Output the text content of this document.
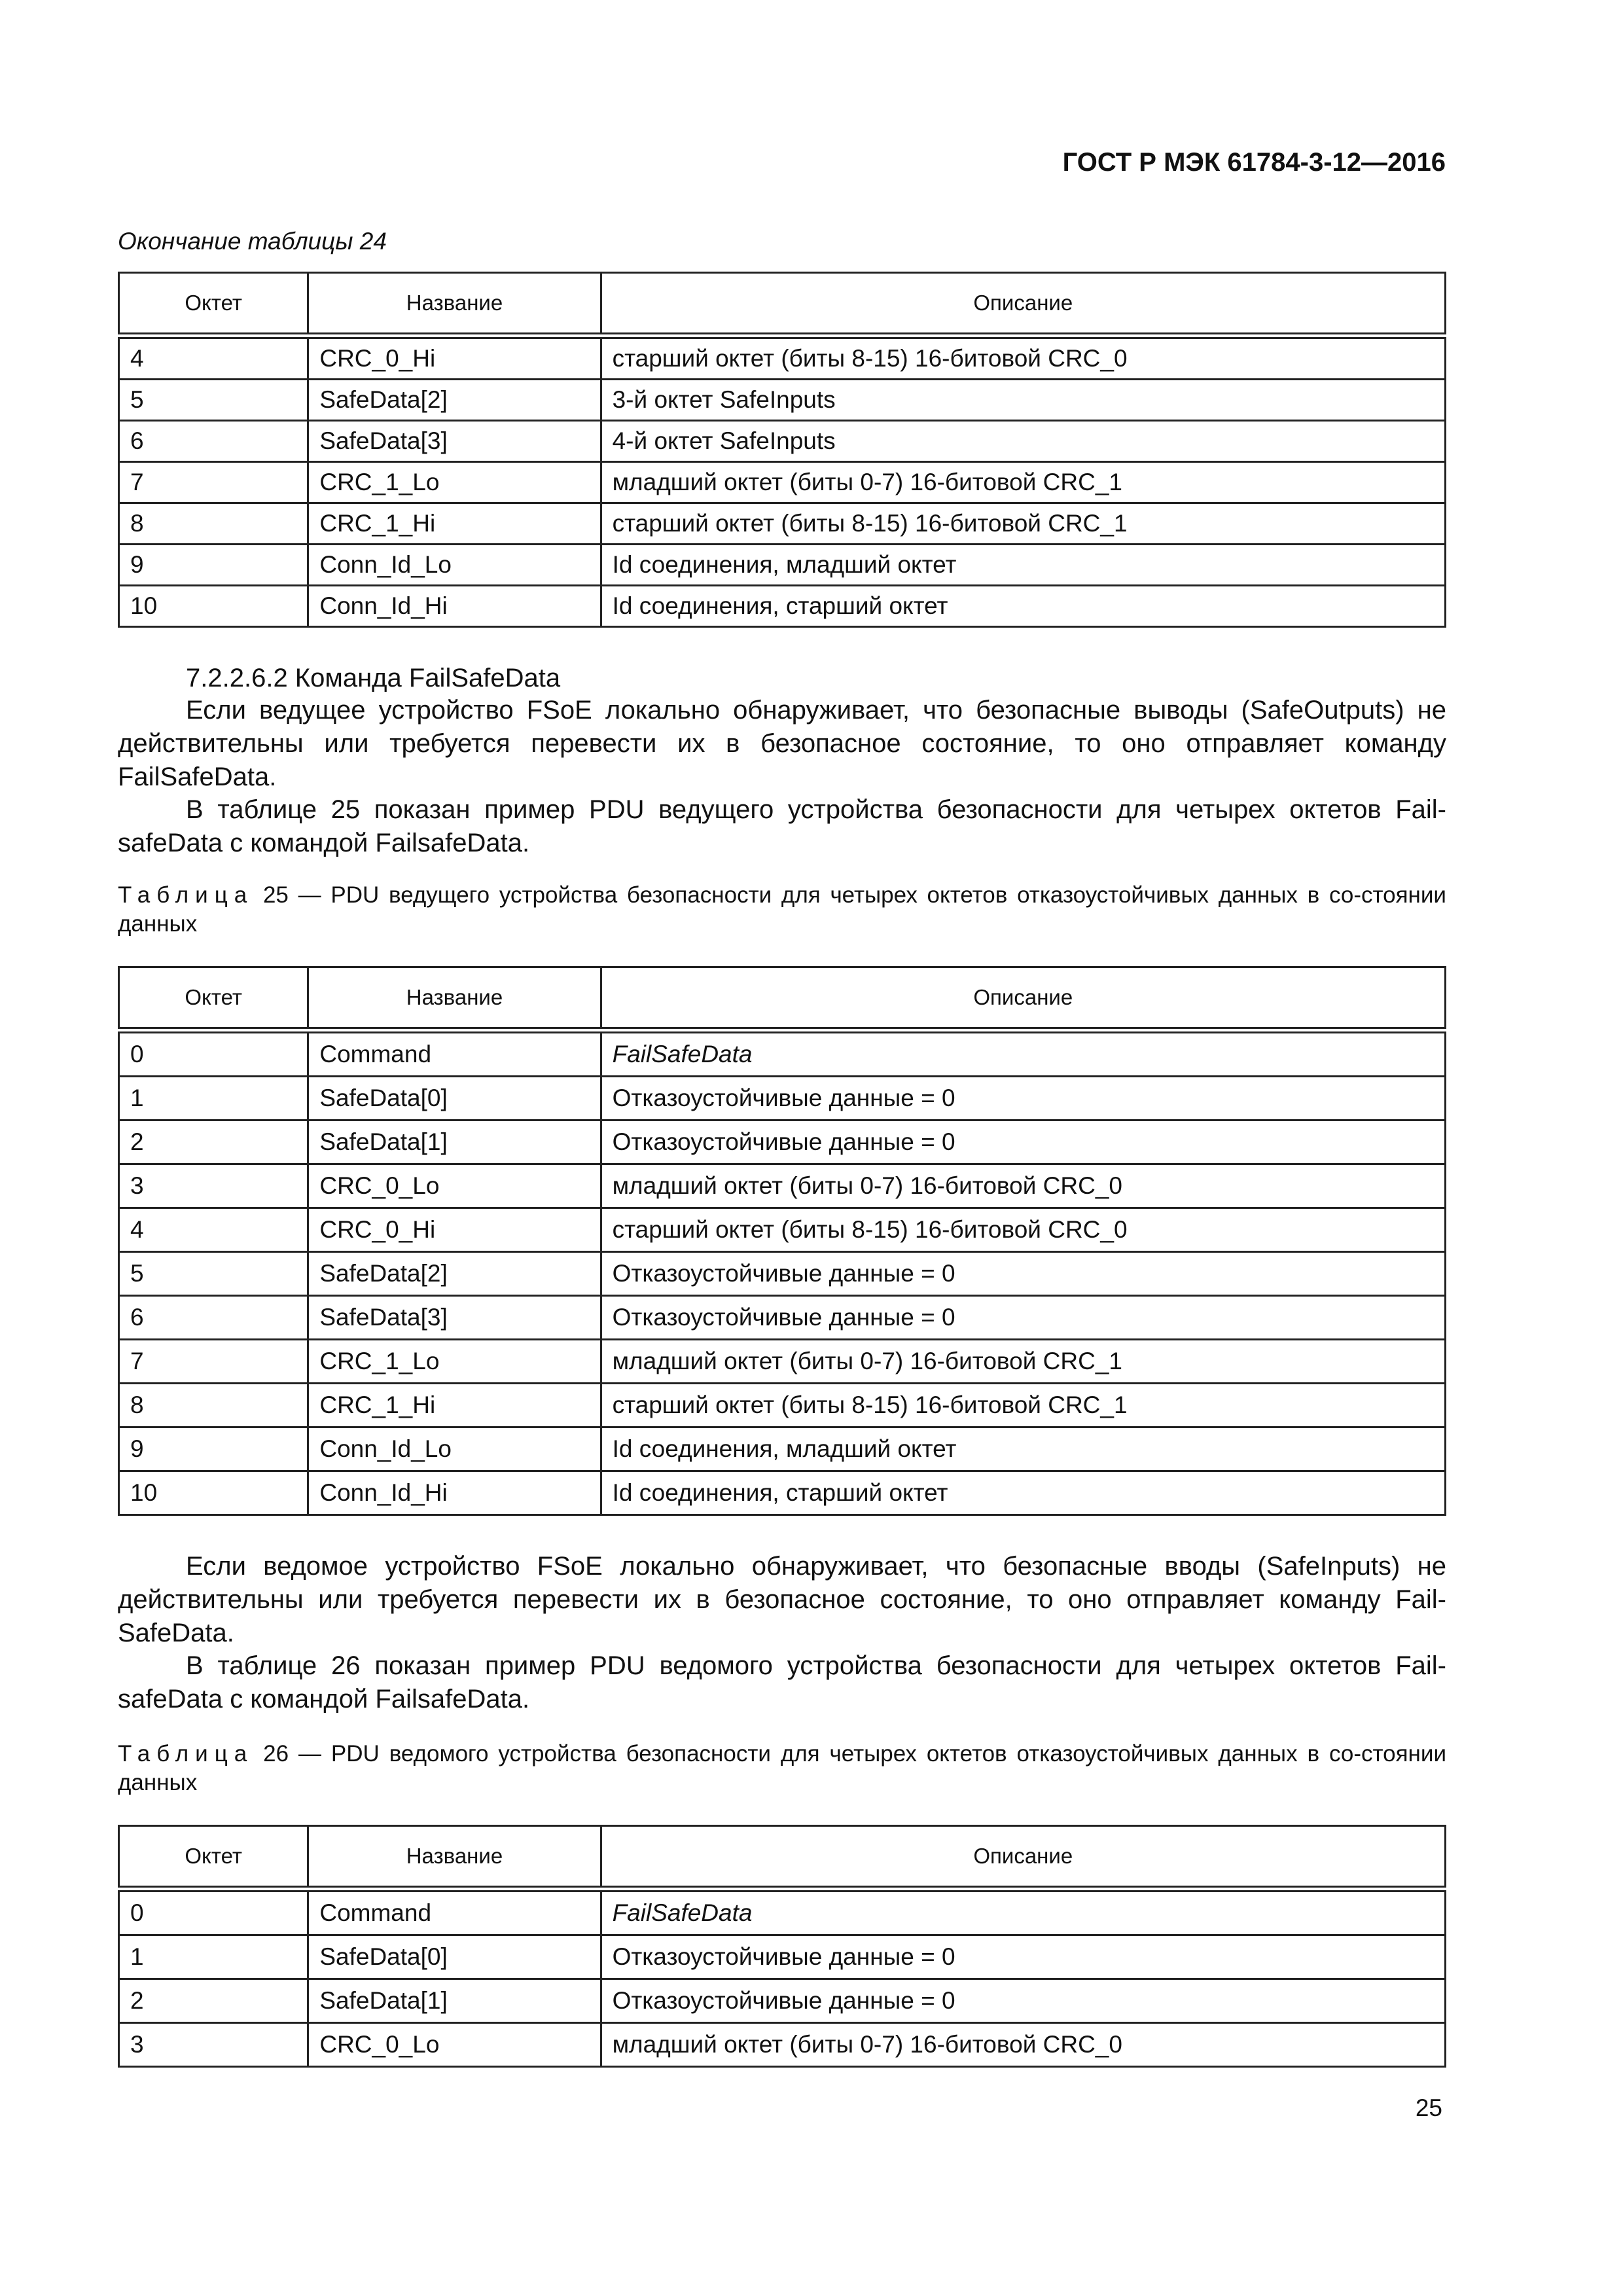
ГОСТ Р МЭК 61784-3-12—2016
Окончание таблицы 24
Октет	Название	Описание
4	CRC_0_Hi	старший октет (биты 8-15) 16-битовой CRC_0
5	SafeData[2]	3-й октет SafeInputs
6	SafeData[3]	4-й октет SafeInputs
7	CRC_1_Lo	младший октет (биты 0-7) 16-битовой CRC_1
8	CRC_1_Hi	старший октет (биты 8-15) 16-битовой CRC_1
9	Conn_Id_Lo	Id соединения, младший октет
10	Conn_Id_Hi	Id соединения, старший октет
7.2.2.6.2 Команда FailSafeData

Если ведущее устройство FSoE локально обнаруживает, что безопасные выводы (SafeOutputs) не действительны или требуется перевести их в безопасное состояние, то оно отправляет команду FailSafeData.

В таблице 25 показан пример PDU ведущего устройства безопасности для четырех октетов Fail-safeData с командой FailsafeData.

Таблица 25 — PDU ведущего устройства безопасности для четырех октетов отказоустойчивых данных в со-стоянии данных

Октет	Название	Описание
0	Command	FailSafeData
1	SafeData[0]	Отказоустойчивые данные = 0
2	SafeData[1]	Отказоустойчивые данные = 0
3	CRC_0_Lo	младший октет (биты 0-7) 16-битовой CRC_0
4	CRC_0_Hi	старший октет (биты 8-15) 16-битовой CRC_0
5	SafeData[2]	Отказоустойчивые данные = 0
6	SafeData[3]	Отказоустойчивые данные = 0
7	CRC_1_Lo	младший октет (биты 0-7) 16-битовой CRC_1
8	CRC_1_Hi	старший октет (биты 8-15) 16-битовой CRC_1
9	Conn_Id_Lo	Id соединения, младший октет
10	Conn_Id_Hi	Id соединения, старший октет

Если ведомое устройство FSoE локально обнаруживает, что безопасные вводы (SafeInputs) не действительны или требуется перевести их в безопасное состояние, то оно отправляет команду Fail-SafeData.

В таблице 26 показан пример PDU ведомого устройства безопасности для четырех октетов Fail-safeData с командой FailsafeData.

Таблица 26 — PDU ведомого устройства безопасности для четырех октетов отказоустойчивых данных в со-стоянии данных

Октет	Название	Описание
0	Command	FailSafeData
1	SafeData[0]	Отказоустойчивые данные = 0
2	SafeData[1]	Отказоустойчивые данные = 0
3	CRC_0_Lo	младший октет (биты 0-7) 16-битовой CRC_0
25
